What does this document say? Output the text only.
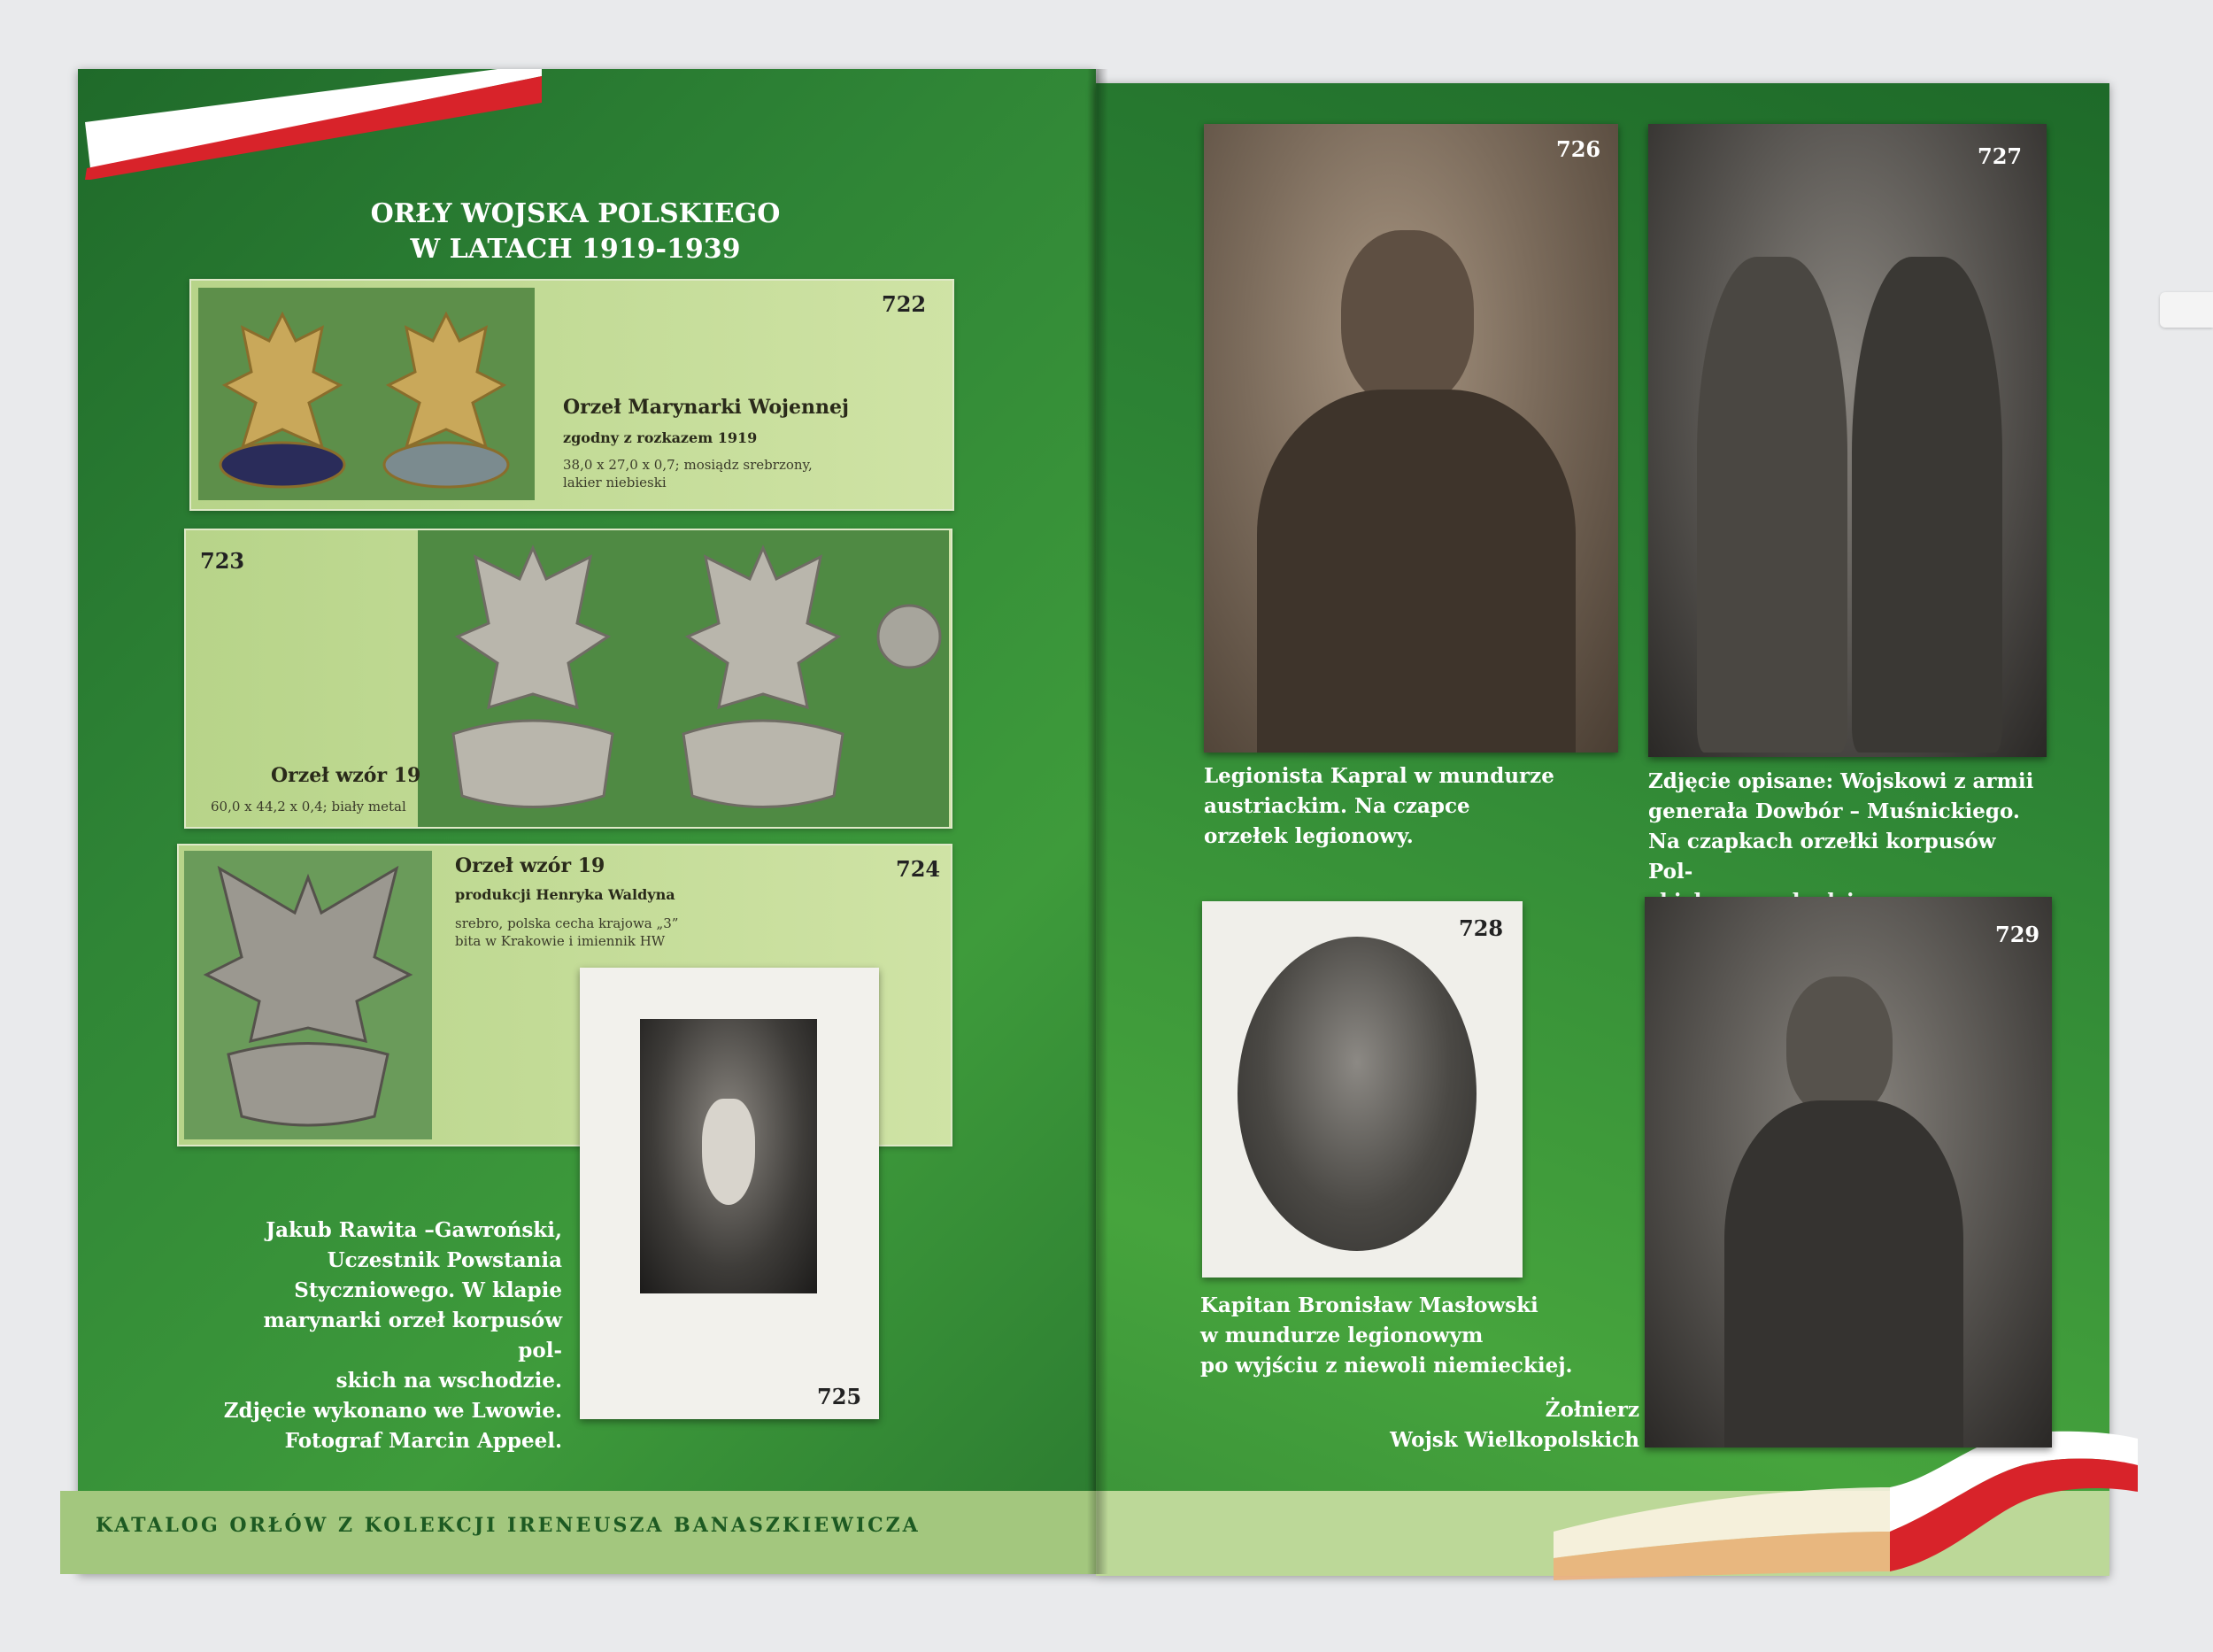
ORŁY WOJSKA POLSKIEGO
W LATACH 1919-1939
722
Orzeł Marynarki Wojennej
zgodny z rozkazem 1919
38,0 x 27,0 x 0,7; mosiądz srebrzony,
lakier niebieski
723
Orzeł wzór 19
60,0 x 44,2 x 0,4; biały metal
Orzeł wzór 19	724
produkcji Henryka Waldyna
srebro, polska cecha krajowa „3”
bita w Krakowie i imiennik HW
725
Jakub Rawita –Gawroński,
Uczestnik Powstania
Styczniowego. W klapie
marynarki orzeł korpusów pol-
skich na wschodzie.
Zdjęcie wykonano we Lwowie.
Fotograf Marcin Appeel.
KATALOG ORŁÓW Z KOLEKCJI IRENEUSZA BANASZKIEWICZA
726
Legionista Kapral w mundurze
austriackim. Na czapce
orzełek legionowy.
727
Zdjęcie opisane: Wojskowi z armii
generała Dowbór – Muśnickiego.
Na czapkach orzełki korpusów Pol-
728
Kapitan Bronisław Masłowski
w mundurze legionowym
po wyjściu z niewoli niemieckiej.
729
Żołnierz
Wojsk Wielkopolskich
